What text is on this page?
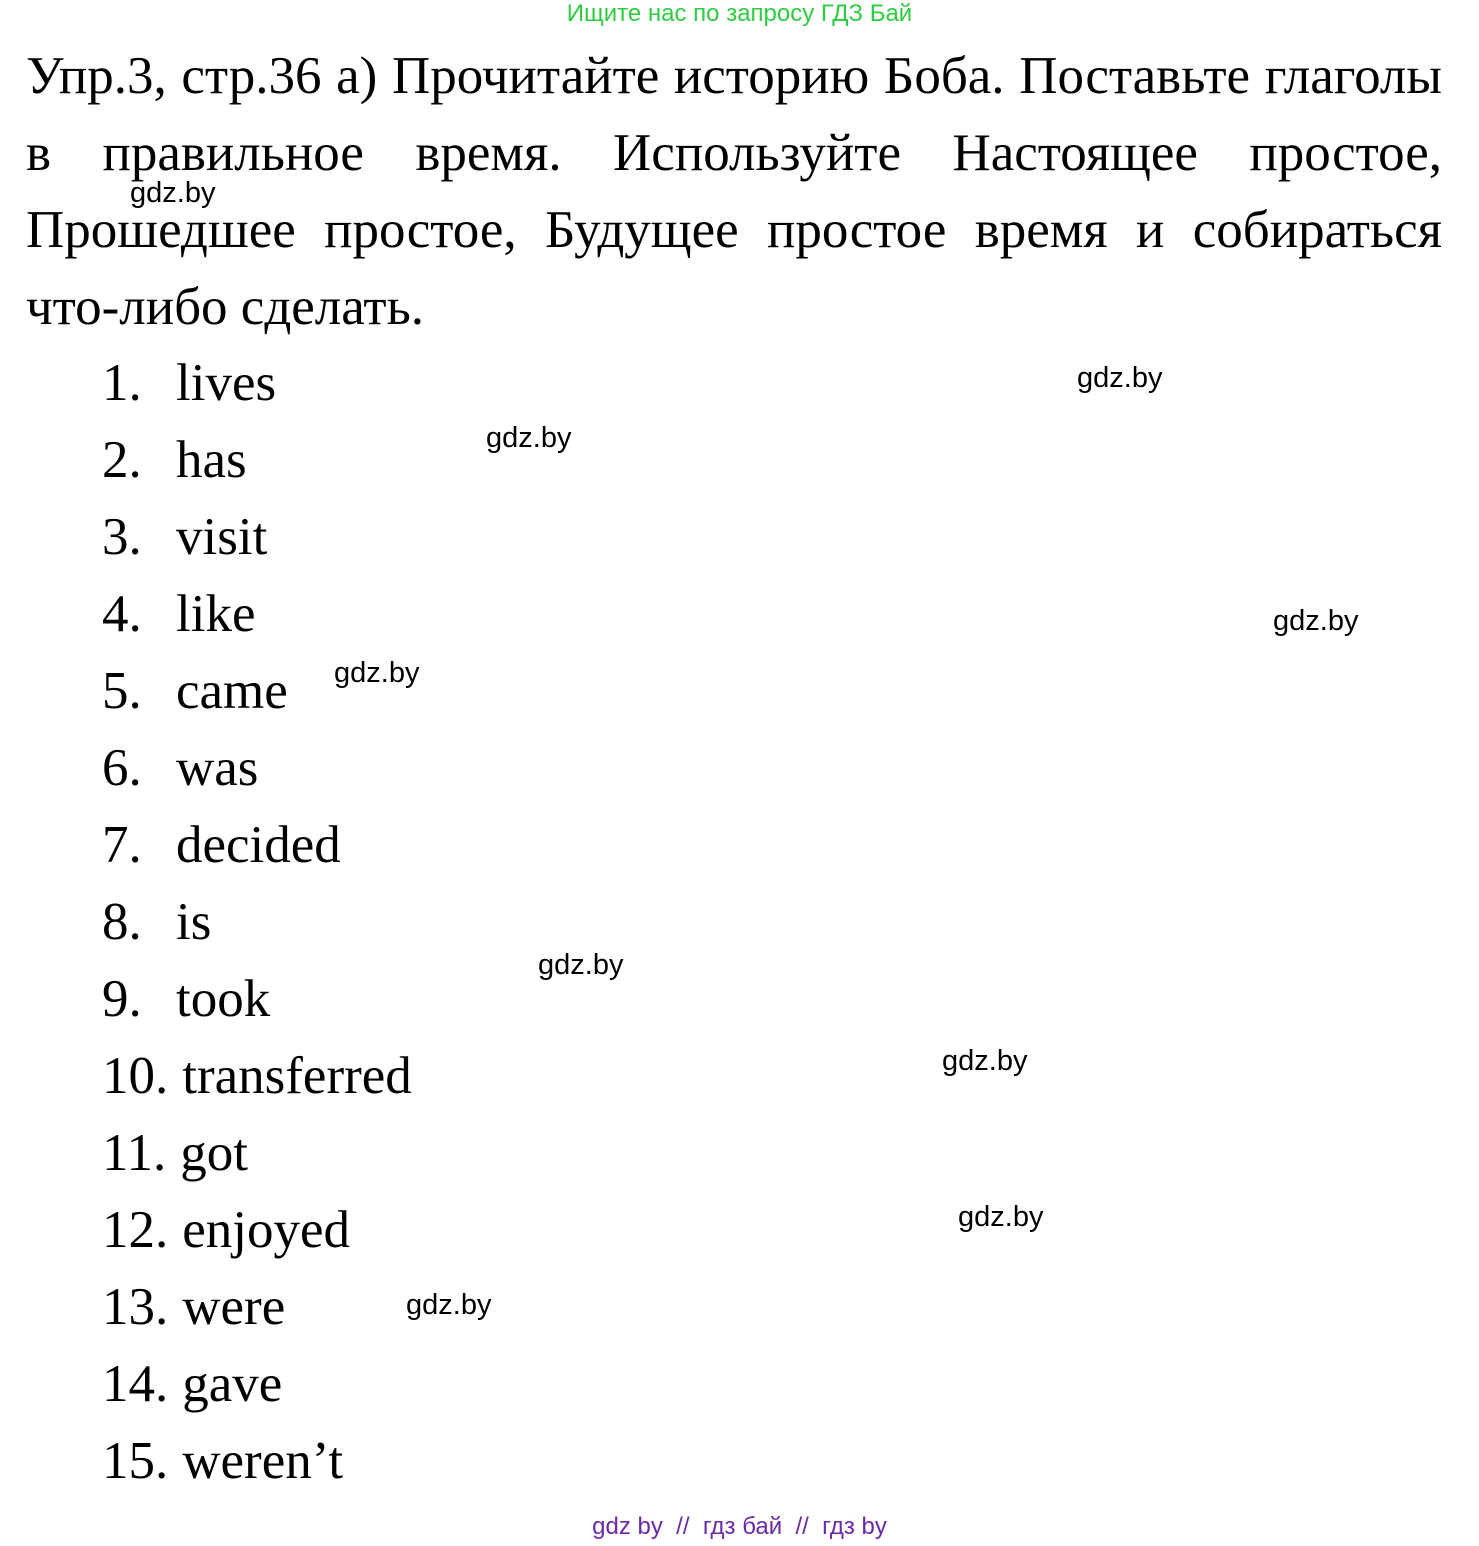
Ищите нас по запросу ГДЗ Бай

Упр.3, стр.36 а) Прочитайте историю Боба. Поставьте глаголы в правильное время. Используйте Настоящее простое, Прошедшее простое, Будущее простое время и собираться что-либо сделать.

1. lives
2. has
3. visit
4. like
5. came
6. was
7. decided
8. is
9. took
10. transferred
11. got
12. enjoyed
13. were
14. gave
15. weren’t
gdz.by
gdz.by
gdz.by
gdz.by
gdz.by
gdz.by
gdz.by
gdz.by
gdz.by
gdz by  //  гдз бай  //  гдз by
